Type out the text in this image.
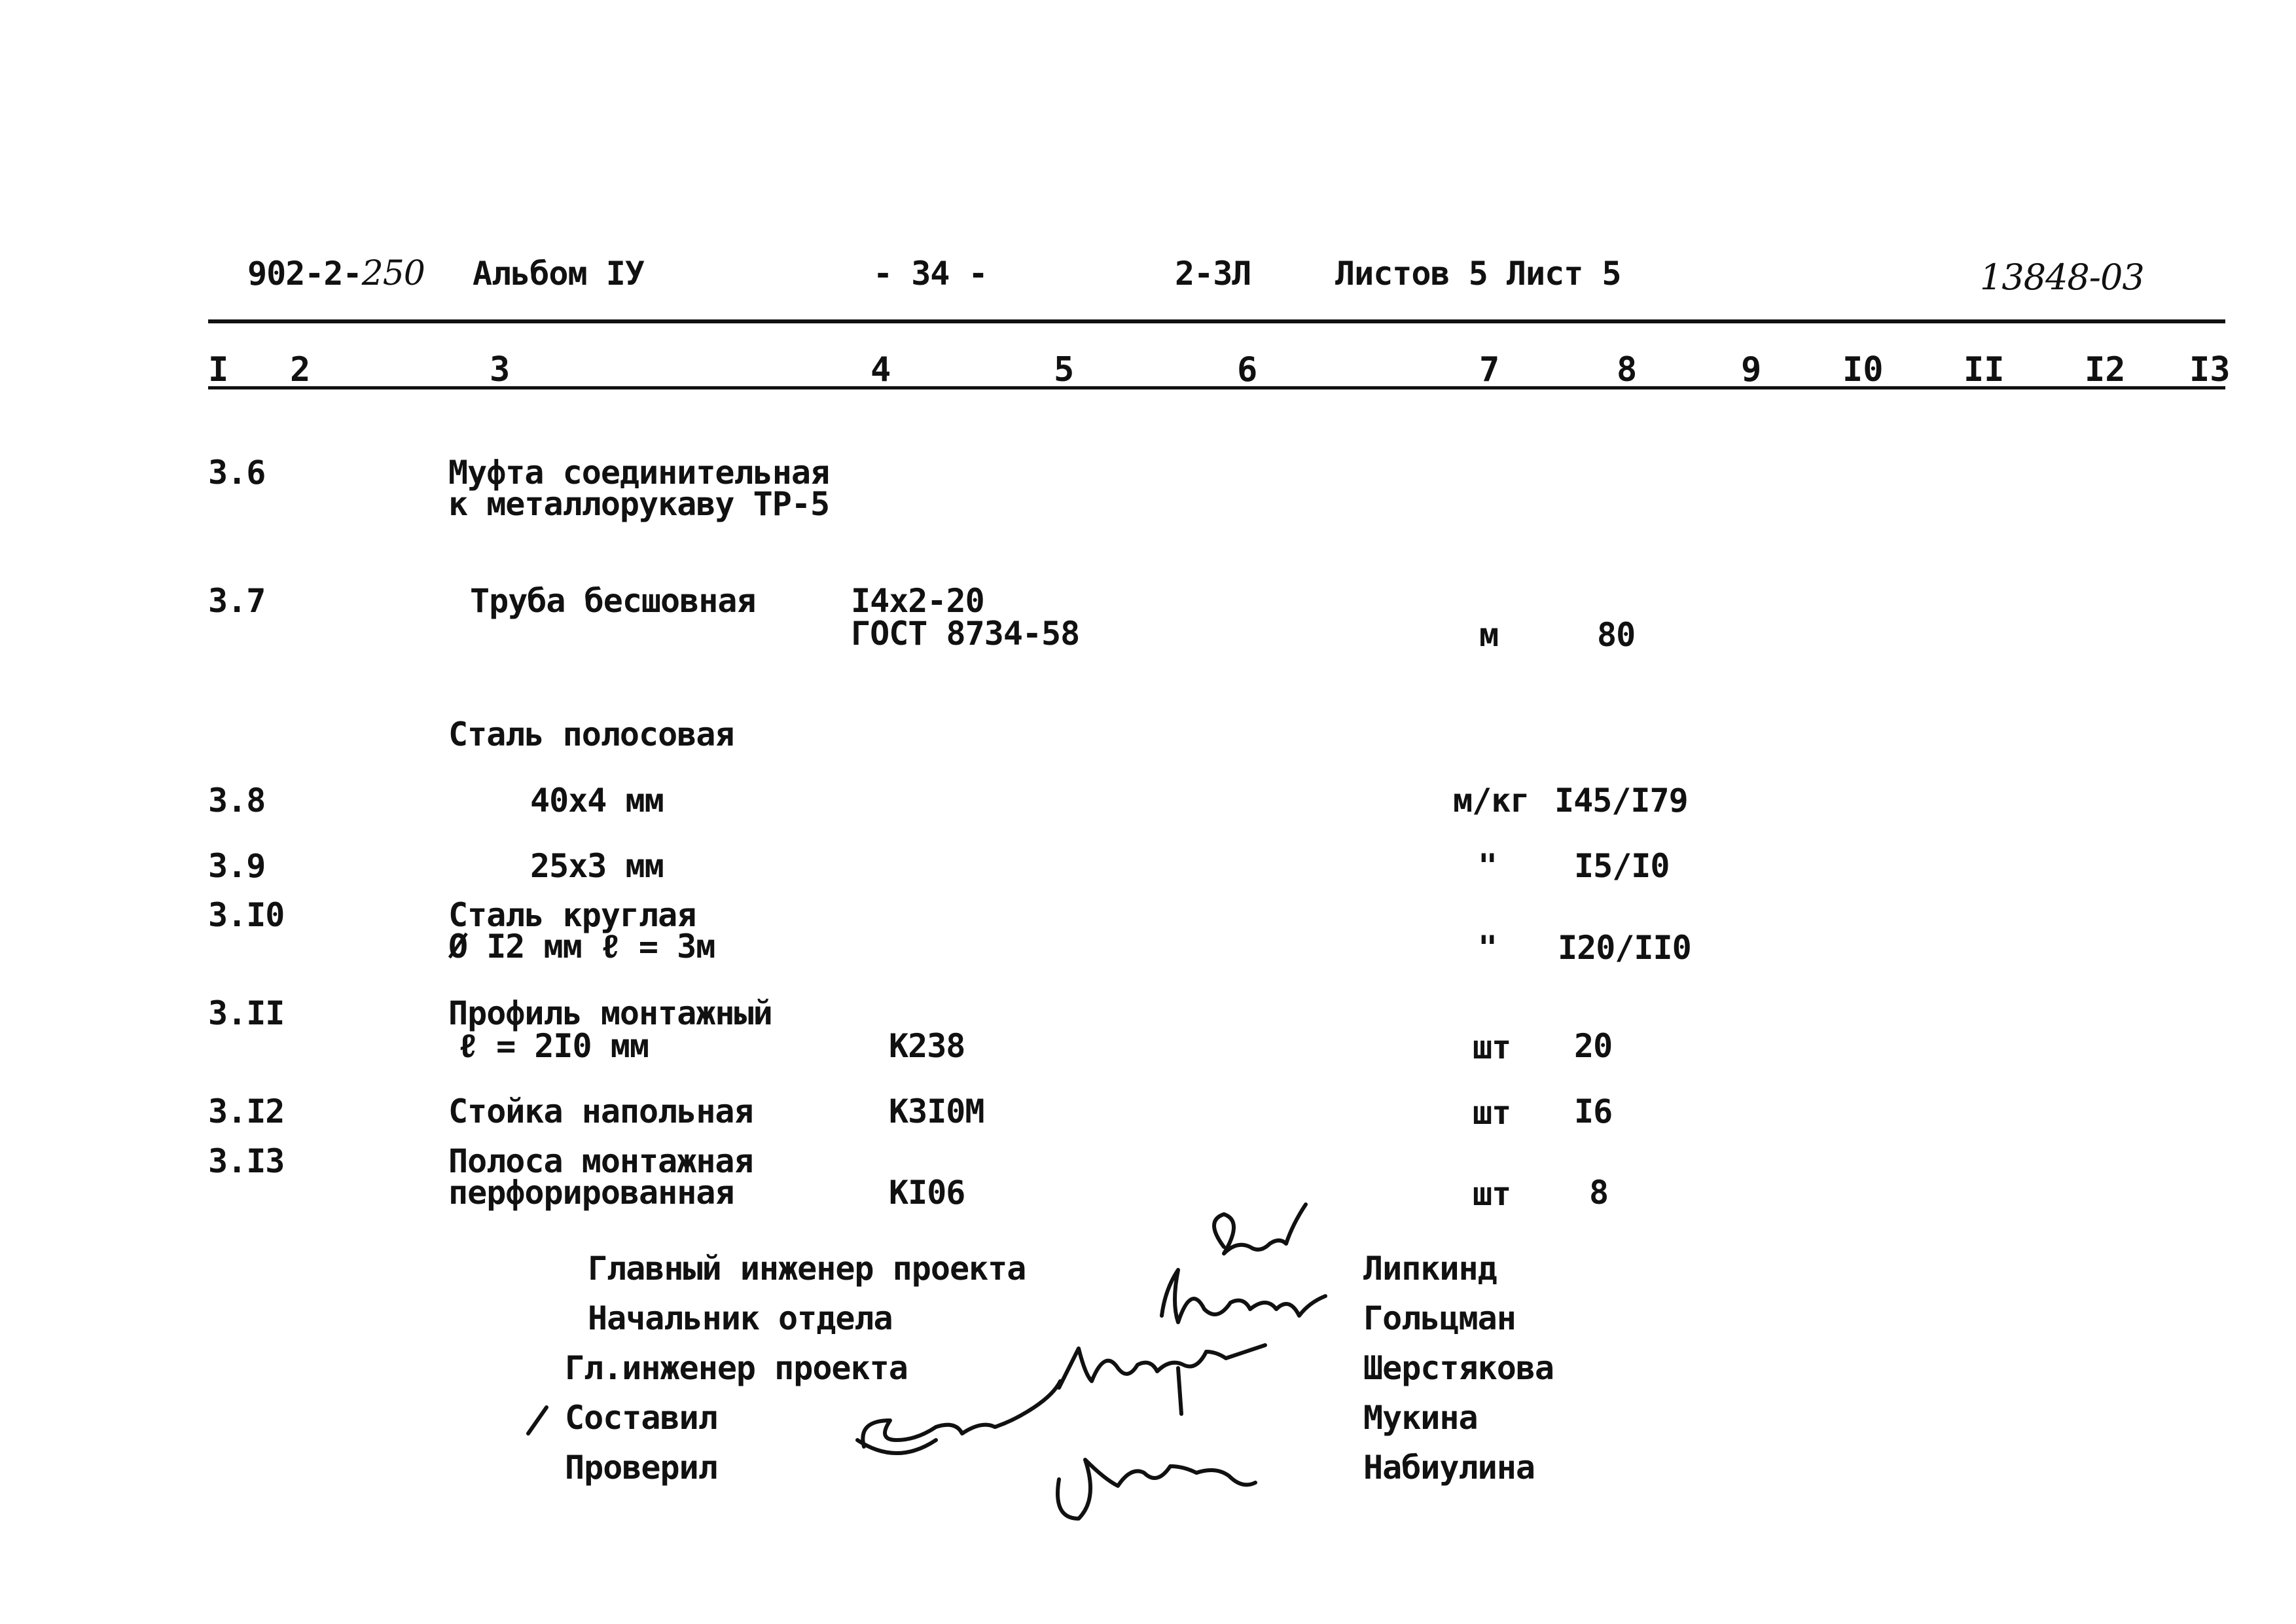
902-2-250 Альбом IУ	- 34 -	2-ЗЛ	Листов 5 Лист 5	13848-03
I 2	3	4	5	6	7	8	9 I0 II I2 I3
3.6	Муфта соединительная
к металлорукаву ТР-5
3.7	Труба бесшовная	I4x2-20
ГОСТ 8734-58	м	80
Сталь полосовая
3.8	40х4 мм	м/кг I45/I79
3.9	25х3 мм	" I5/I0
3.I0	Сталь круглая
Ø I2 мм ℓ = 3м	" I20/II0
3.II	Профиль монтажный
ℓ = 2I0 мм	К238	шт 20
3.I2	Стойка напольная	К3I0М	шт I6
3.I3	Полоса монтажная
перфорированная	КI06	шт 8
Главный инженер проекта	Липкинд
Начальник отдела	Гольцман
Гл.инженер проекта	Шерстякова
Составил	Мукина
Проверил	Набиулина
